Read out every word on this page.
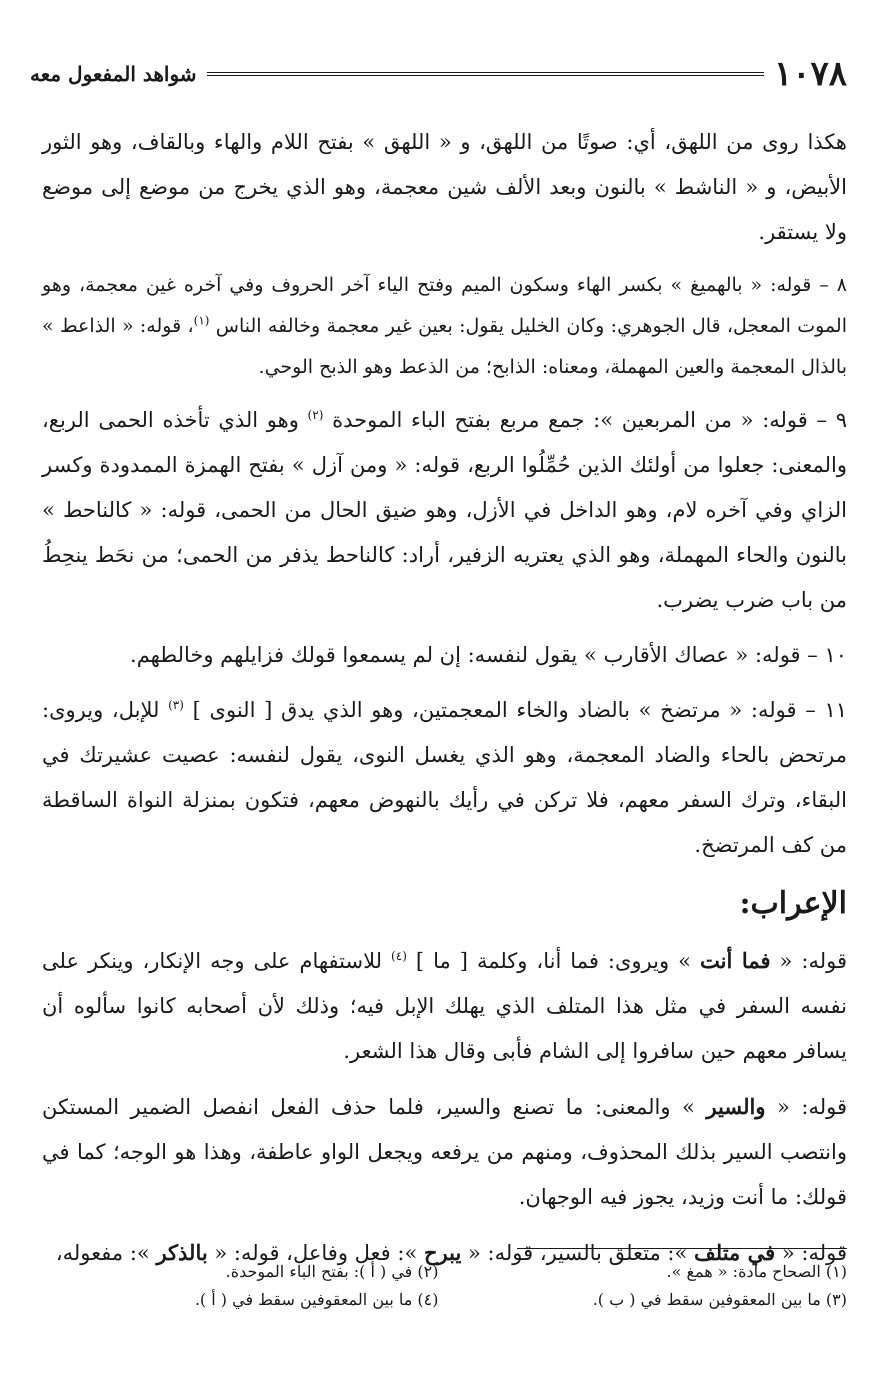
شواهد المفعول معه	١٠٧٨

هكذا روى من اللهق، أي: صوتًا من اللهق، و « اللهق » بفتح اللام والهاء وبالقاف، وهو الثور الأبيض، و « الناشط » بالنون وبعد الألف شين معجمة، وهو الذي يخرج من موضع إلى موضع ولا يستقر.

٨ – قوله: « بالهميغ » بكسر الهاء وسكون الميم وفتح الياء آخر الحروف وفي آخره غين معجمة، وهو الموت المعجل، قال الجوهري: وكان الخليل يقول: بعين غير معجمة وخالفه الناس $^{(١)}$، قوله: « الذاعط » بالذال المعجمة والعين المهملة، ومعناه: الذابح؛ من الذعط وهو الذبح الوحي.

٩ – قوله: « من المربعين »: جمع مربع بفتح الباء الموحدة $^{(٢)}$ وهو الذي تأخذه الحمى الربع، والمعنى: جعلوا من أولئك الذين حُمِّلُوا الربع، قوله: « ومن آزل » بفتح الهمزة الممدودة وكسر الزاي وفي آخره لام، وهو الداخل في الأزل، وهو ضيق الحال من الحمى، قوله: « كالناحط » بالنون والحاء المهملة، وهو الذي يعتريه الزفير، أراد: كالناحط يذفر من الحمى؛ من نحَط ينحِطُ من باب ضرب يضرب.

١٠ – قوله: « عصاك الأقارب » يقول لنفسه: إن لم يسمعوا قولك فزايلهم وخالطهم.

١١ – قوله: « مرتضخ » بالضاد والخاء المعجمتين، وهو الذي يدق [ النوى ] $^{(٣)}$ للإبل، ويروى: مرتحض بالحاء والضاد المعجمة، وهو الذي يغسل النوى، يقول لنفسه: عصيت عشيرتك في البقاء، وترك السفر معهم، فلا تركن في رأيك بالنهوض معهم، فتكون بمنزلة النواة الساقطة من كف المرتضخ.

الإعراب:

قوله: « فما أنت » ويروى: فما أنا، وكلمة [ ما ] $^{(٤)}$ للاستفهام على وجه الإنكار، وينكر على نفسه السفر في مثل هذا المتلف الذي يهلك الإبل فيه؛ وذلك لأن أصحابه كانوا سألوه أن يسافر معهم حين سافروا إلى الشام فأبى وقال هذا الشعر.

قوله: « والسير » والمعنى: ما تصنع والسير، فلما حذف الفعل انفصل الضمير المستكن وانتصب السير بذلك المحذوف، ومنهم من يرفعه ويجعل الواو عاطفة، وهذا هو الوجه؛ كما في قولك: ما أنت وزيد، يجوز فيه الوجهان.

قوله: « في متلف »: متعلق بالسير، قوله: « يبرح »: فعل وفاعل، قوله: « بالذكر »: مفعوله،

(١) الصحاح مادة: « همغ ».
(٢) في ( أ ): بفتح الباء الموحدة.
(٣) ما بين المعقوفين سقط في ( ب ).
(٤) ما بين المعقوفين سقط في ( أ ).
